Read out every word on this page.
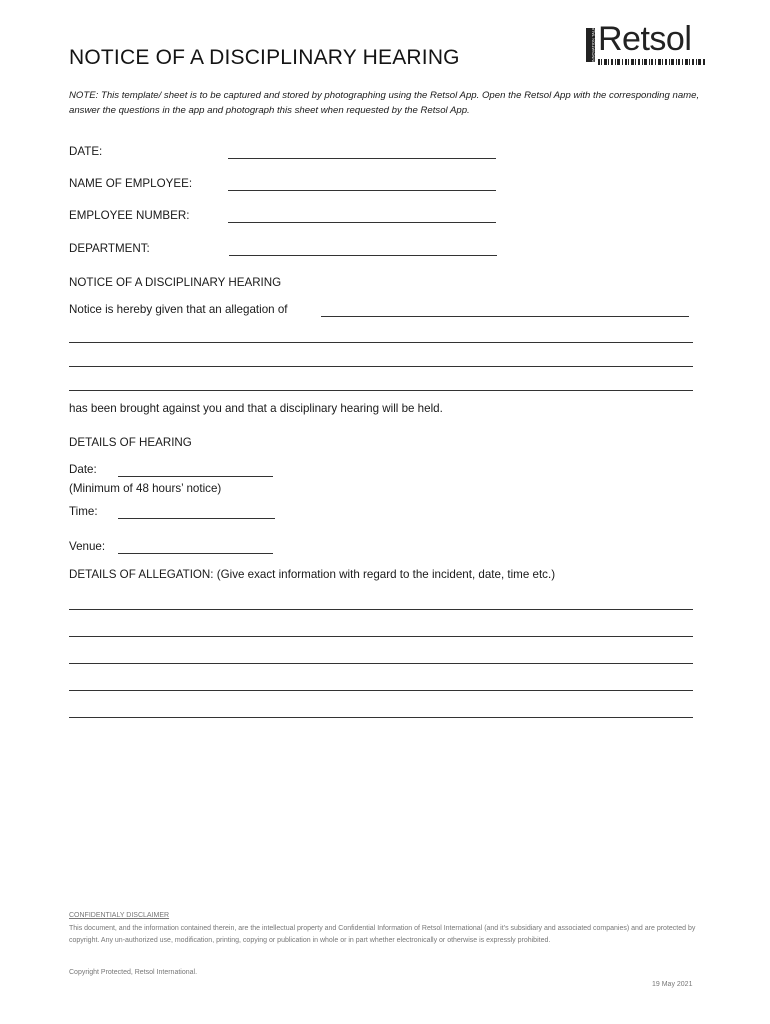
NOTICE OF A DISCIPLINARY HEARING	INNOVATION TALKS Retsol
NOTE: This template/ sheet is to be captured and stored by photographing using the Retsol App. Open the Retsol App with the corresponding name, answer the questions in the app and photograph this sheet when requested by the Retsol App.
DATE:
NAME OF EMPLOYEE:
EMPLOYEE NUMBER:
DEPARTMENT:
NOTICE OF A DISCIPLINARY HEARING
Notice is hereby given that an allegation of
has been brought against you and that a disciplinary hearing will be held.
DETAILS OF HEARING
Date:
(Minimum of 48 hours’ notice)
Time:
Venue:
DETAILS OF ALLEGATION: (Give exact information with regard to the incident, date, time etc.)
CONFIDENTIALY DISCLAIMER
This document, and the information contained therein, are the intellectual property and Confidential Information of Retsol International (and it’s subsidiary and associated companies) and are protected by copyright. Any un-authorized use, modification, printing, copying or publication in whole or in part whether electronically or otherwise is expressly prohibited.
Copyright Protected, Retsol International.
19 May 2021
